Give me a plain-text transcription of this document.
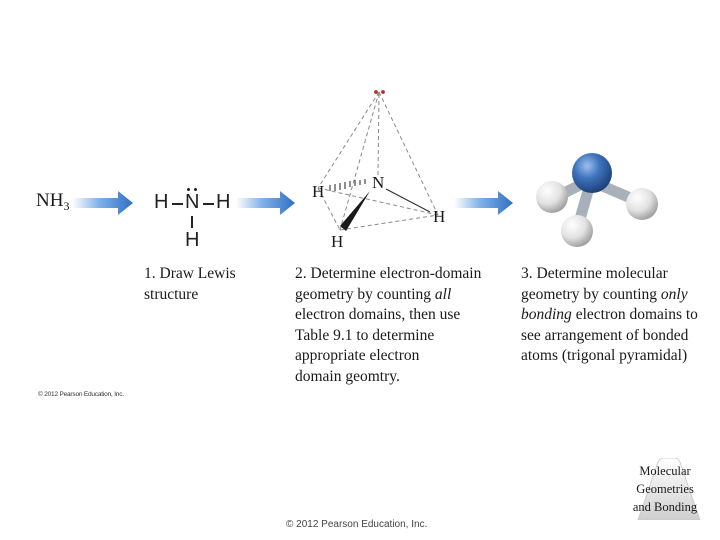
$NH_3$	H N H
H
N
H
H
H
1. Draw Lewis
structure
2. Determine electron-domain
geometry by counting all
electron domains, then use
Table 9.1 to determine
appropriate electron
domain geomtry.
3. Determine molecular
geometry by counting only
bonding electron domains to
see arrangement of bonded
atoms (trigonal pyramidal)
© 2012 Pearson Education, Inc.
© 2012 Pearson Education, Inc.
Molecular
Geometries
and Bonding
